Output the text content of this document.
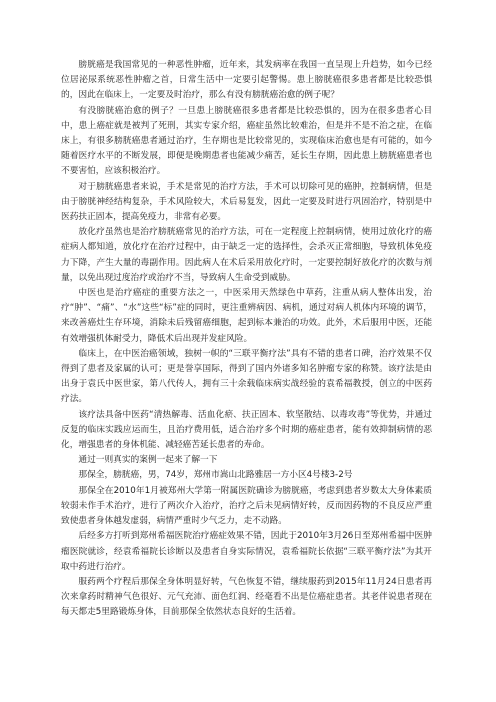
膀胱癌是我国常见的一种恶性肿瘤，近年来，其发病率在我国一直呈现上升趋势，如今已经位居泌尿系统恶性肿瘤之首，日常生活中一定要引起警惕。患上膀胱癌很多患者都是比较恐惧的，因此在临床上，一定要及时治疗，那么有没有膀胱癌治愈的例子呢？

有没膀胱癌治愈的例子？一旦患上膀胱癌很多患者都是比较恐惧的，因为在很多患者心目中，患上癌症就是被判了死刑，其实专家介绍，癌症虽然比较难治，但是并不是不治之症，在临床上，有很多膀胱癌患者通过治疗，生存期也是比较常见的，实现临床治愈也是有可能的，如今随着医疗水平的不断发展，即便是晚期患者也能减少痛苦，延长生存期，因此患上膀胱癌患者也不要害怕，应该积极治疗。

对于膀胱癌患者来说，手术是常见的治疗方法，手术可以切除可见的癌肿，控制病情，但是由于膀胱神经结构复杂，手术风险较大，术后易复发，因此一定要及时进行巩固治疗，特别是中医药扶正固本，提高免疫力，非常有必要。

放化疗虽然也是治疗膀胱癌常见的治疗方法，可在一定程度上控制病情，使用过放化疗的癌症病人都知道，放化疗在治疗过程中，由于缺乏一定的选择性，会杀灭正常细胞，导致机体免疫力下降，产生大量的毒副作用。因此病人在术后采用放化疗时，一定要控制好放化疗的次数与剂量，以免出现过度治疗或治疗不当，导致病人生命受到威胁。

中医也是治疗癌症的重要方法之一，中医采用天然绿色中草药，注重从病人整体出发，治疗“肿”、“痛”、“水”这些“标”症的同时，更注重辨病因、病机，通过对病人机体内环境的调节，来改善癌灶生存环境，消除未后残留癌细胞，起到标本兼治的功效。此外，术后服用中医，还能有效增强机体耐受力，降低术后出现并发症风险。

临床上，在中医治癌领域，独树一帜的“三联平衡疗法”具有不错的患者口碑，治疗效果不仅得到了患者及家属的认可；更是誉享国际，得到了国内外诸多知名肿瘤专家的称赞。该疗法是由出身于袁氏中医世家，第八代传人，拥有三十余载临床病实战经验的袁希福教授，创立的中医药疗法。

该疗法具备中医药“清热解毒、活血化瘀、扶正固本、软坚散结、以毒攻毒”等优势，并通过反复的临床实践应运而生，且治疗费用低，适合治疗多个时期的癌症患者，能有效抑制病情的恶化，增强患者的身体机能、减轻癌苦延长患者的寿命。

通过一则真实的案例一起来了解一下

那保全，膀胱癌，男，74岁，郑州市嵩山北路雅居一方小区4号楼3-2号

那保全在2010年1月被郑州大学第一附属医院确诊为膀胱癌，考虑到患者岁数太大身体素质较弱未作手术治疗，进行了两次介入治疗，治疗之后未见病情好转，反而因药物的不良反应严重致使患者身体越发虚弱，病情严重时少气乏力，走不动路。

后经多方打听到郑州希福医院治疗癌症效果不错，因此于2010年3月26日至郑州希福中医肿瘤医院就诊，经袁希福院长诊断以及患者自身实际情况，袁希福院长依据“三联平衡疗法”为其开取中药进行治疗。

服药两个疗程后那保全身体明显好转，气色恢复不错，继续服药到2015年11月24日患者再次来拿药时精神气色很好、元气充沛、面色红润、经毫看不出是位癌症患者。其老伴说患者现在每天都走5里路锻炼身体，目前那保全依然状态良好的生活着。
